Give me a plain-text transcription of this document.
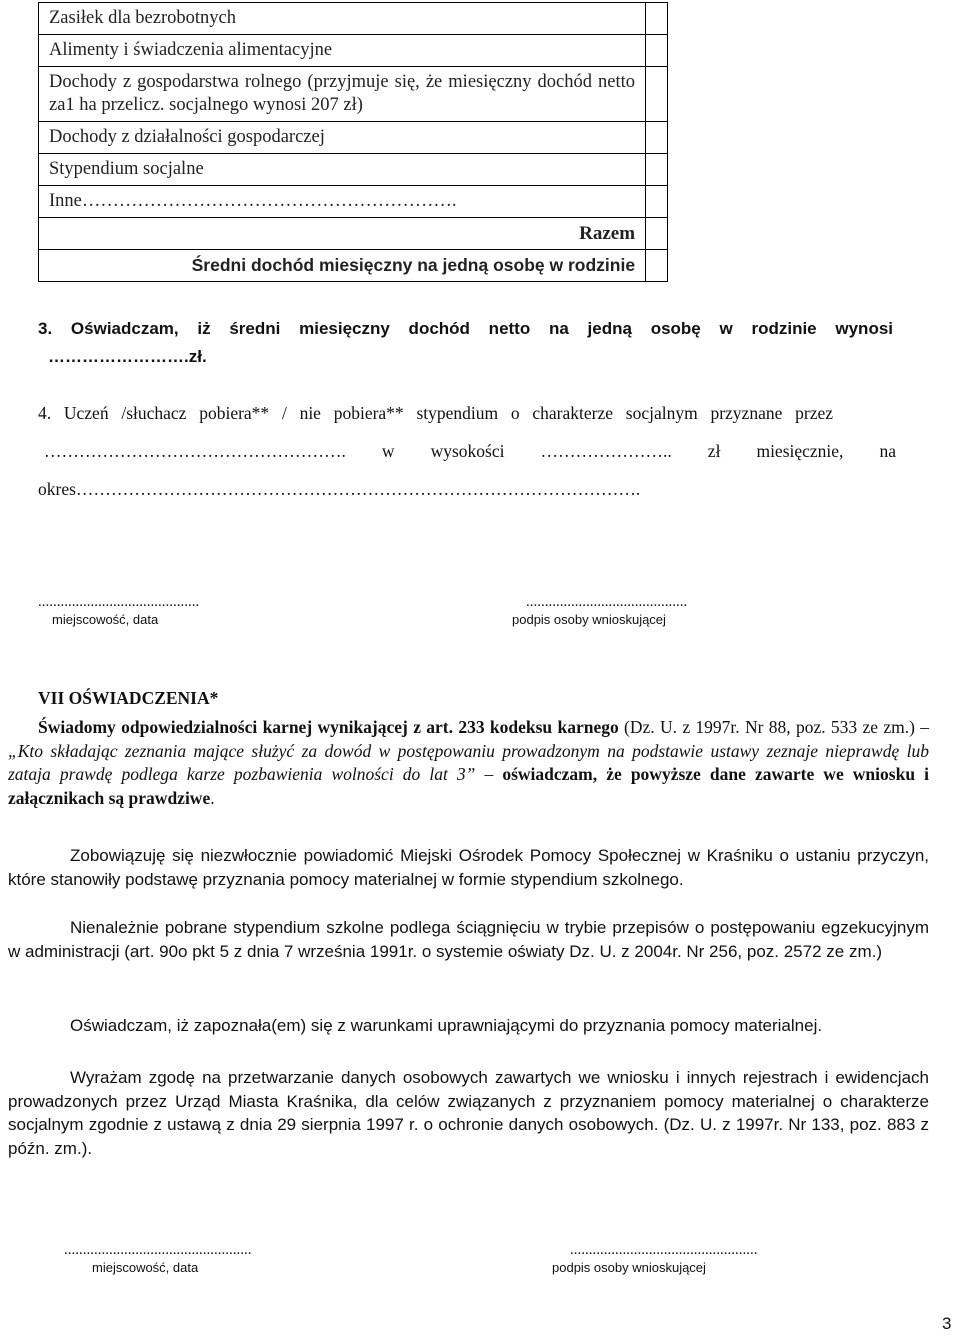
Zasiłek dla bezrobotnych	
Alimenty i świadczenia alimentacyjne	
Dochody z gospodarstwa rolnego (przyjmuje się, że miesięczny dochód netto za1 ha przelicz. socjalnego wynosi 207 zł)	
Dochody z działalności gospodarczej	
Stypendium socjalne	
Inne…………………………………………………….	
Razem	
Średni dochód miesięczny na jedną osobę w rodzinie	
3. Oświadczam, iż średni miesięczny dochód netto na jedną osobę w rodzinie wynosi
…………………….zł.
4. Uczeń /słuchacz pobiera** / nie pobiera** stypendium o charakterze socjalnym przyznane przez
……………………………………………. w wysokości ………………….. zł miesięcznie, na
okres…………………………………………………………………………………….
...........................................
miejscowość, data
...........................................
podpis osoby wnioskującej
VII OŚWIADCZENIA*
Świadomy odpowiedzialności karnej wynikającej z art. 233 kodeksu karnego (Dz. U. z 1997r. Nr 88, poz. 533 ze zm.) – „Kto składając zeznania mające służyć za dowód w postępowaniu prowadzonym na podstawie ustawy zeznaje nieprawdę lub zataja prawdę podlega karze pozbawienia wolności do lat 3” – oświadczam, że powyższe dane zawarte we wniosku i załącznikach są prawdziwe.
Zobowiązuję się niezwłocznie powiadomić Miejski Ośrodek Pomocy Społecznej w Kraśniku o ustaniu przyczyn, które stanowiły podstawę przyznania pomocy materialnej w formie stypendium szkolnego.
Nienależnie pobrane stypendium szkolne podlega ściągnięciu w trybie przepisów o postępowaniu egzekucyjnym w administracji (art. 90o pkt 5 z dnia 7 września 1991r. o systemie oświaty Dz. U. z 2004r. Nr 256, poz. 2572 ze zm.)
Oświadczam, iż zapoznała(em) się z warunkami uprawniającymi do przyznania pomocy materialnej.
Wyrażam zgodę na przetwarzanie danych osobowych zawartych we wniosku i innych rejestrach i ewidencjach prowadzonych przez Urząd Miasta Kraśnika, dla celów związanych z przyznaniem pomocy materialnej o charakterze socjalnym zgodnie z ustawą z dnia 29 sierpnia 1997 r. o ochronie danych osobowych. (Dz. U. z 1997r. Nr 133, poz. 883 z późn. zm.).
..................................................
miejscowość, data
..................................................
podpis osoby wnioskującej
3
